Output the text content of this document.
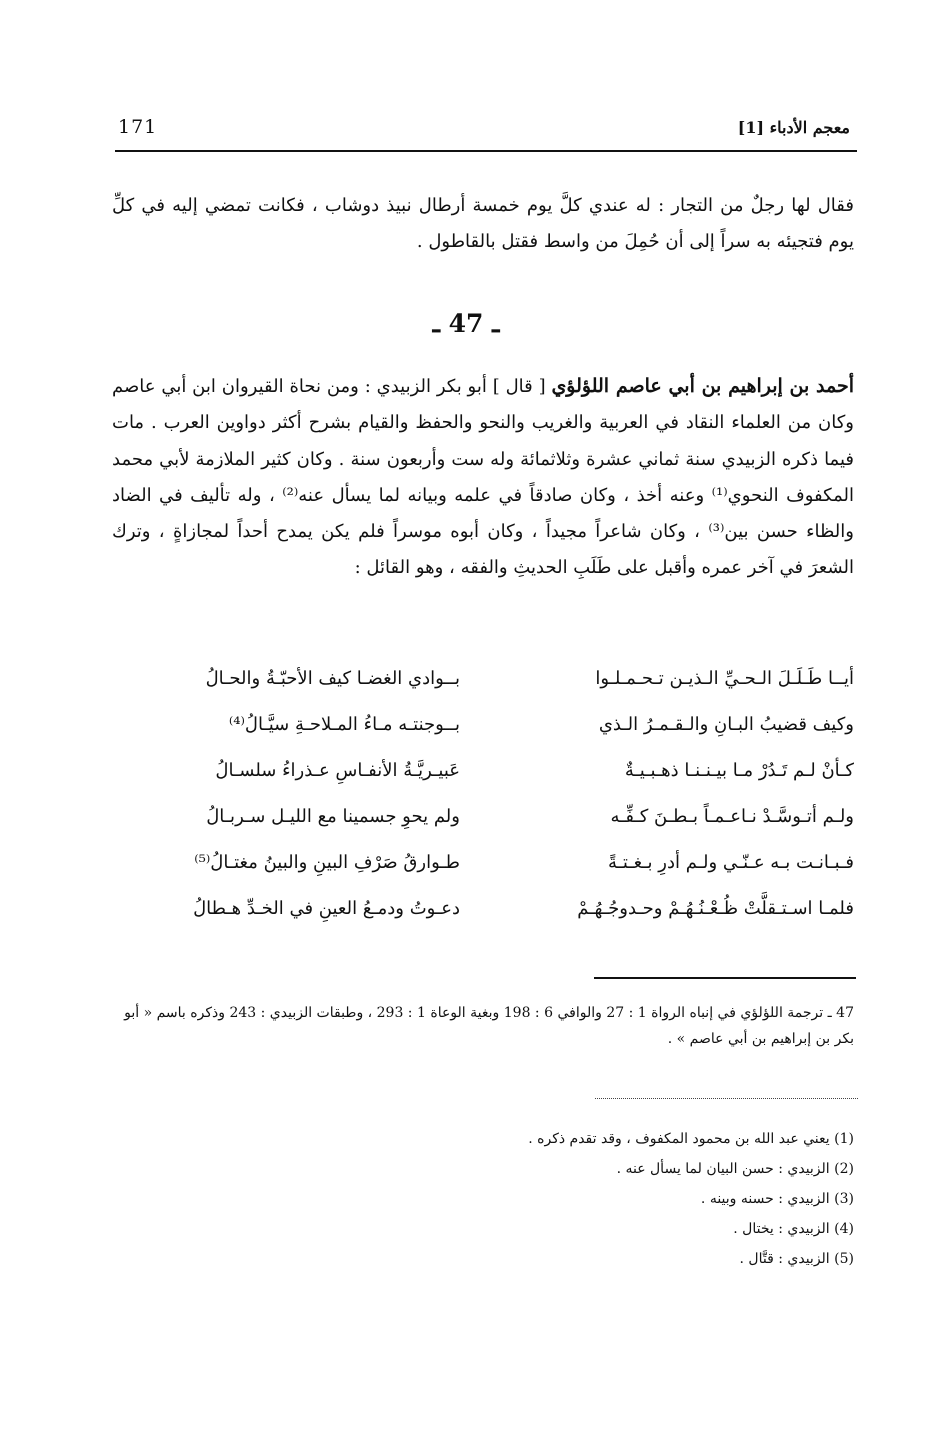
معجم الأدباء [1]
171

فقال لها رجلٌ من التجار : له عندي كلَّ يوم خمسة أرطال نبيذ دوشاب ، فكانت تمضي إليه في كلِّ يوم فتجيئه به سراً إلى أن حُمِلَ من واسط فقتل بالقاطول .

ـ 47 ـ

أحمد بن إبراهيم بن أبي عاصم اللؤلؤي [ قال ] أبو بكر الزبيدي : ومن نحاة القيروان ابن أبي عاصم وكان من العلماء النقاد في العربية والغريب والنحو والحفظ والقيام بشرح أكثر دواوين العرب . مات فيما ذكره الزبيدي سنة ثماني عشرة وثلاثمائة وله ست وأربعون سنة . وكان كثير الملازمة لأبي محمد المكفوف النحوي⁽¹⁾ وعنه أخذ ، وكان صادقاً في علمه وبيانه لما يسأل عنه⁽²⁾ ، وله تأليف في الضاد والظاء حسن بين⁽³⁾ ، وكان شاعراً مجيداً ، وكان أبوه موسراً فلم يكن يمدح أحداً لمجازاةٍ ، وترك الشعرَ في آخر عمره وأقبل على طَلَبِ الحديثِ والفقه ، وهو القائل :

أيــا طَـلَـلَ الـحـيِّ الـذيـن تـحـمـلـوا
بــوادي الغضـا كيف الأحبّـةُ والحـالُ
وكيف قضيبُ البـانِ والـقـمـرُ الـذي
بــوجنتـه مـاءُ المـلاحـةِ سيَّـالُ⁽⁴⁾
كـأنْ لـم تَـدُرْ مـا بيـنـنـا ذهـبـيـةٌ
عَبيـريَّـةُ الأنفـاسِ عـذراءُ سلسـالُ
ولـم أتـوسَّـدْ نـاعـمـاً بـطـنَ كـفِّـه
ولم يحوِ جسمينا مع الليـل سـربـالُ
فـبـانـت بـه عـنّـي ولـم أدرِ بـغـتـةً
طـوارقُ صَرْفِ البينِ والبينُ مغتـالُ⁽⁵⁾
فلمـا اسـتـقلَّتْ ظُـعْـنُـهُـمْ وحـدوجُـهُـمْ
دعـوتُ ودمـعُ العينِ في الخـدِّ هـطالُ

47 ـ ترجمة اللؤلؤي في إنباه الرواة 1 : 27 والوافي 6 : 198 وبغية الوعاة 1 : 293 ، وطبقات الزبيدي : 243 وذكره باسم « أبو بكر بن إبراهيم بن أبي عاصم » .

(1) يعني عبد الله بن محمود المكفوف ، وقد تقدم ذكره .
(2) الزبيدي : حسن البيان لما يسأل عنه .
(3) الزبيدي : حسنه وبينه .
(4) الزبيدي : يختال .
(5) الزبيدي : قتَّال .
